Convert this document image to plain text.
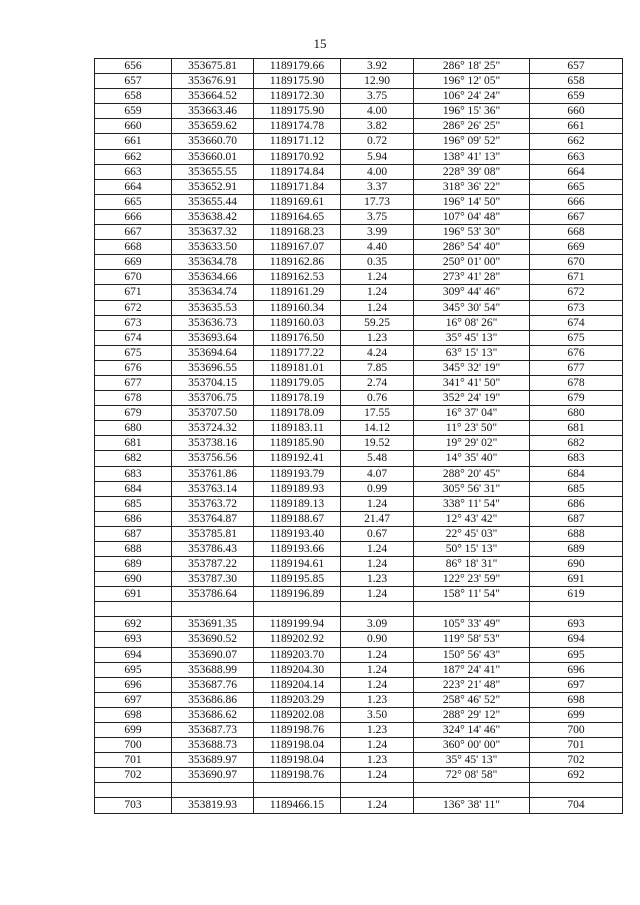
15
656	353675.81	1189179.66	3.92	286° 18' 25"	657
657	353676.91	1189175.90	12.90	196° 12' 05"	658
658	353664.52	1189172.30	3.75	106° 24' 24"	659
659	353663.46	1189175.90	4.00	196° 15' 36"	660
660	353659.62	1189174.78	3.82	286° 26' 25"	661
661	353660.70	1189171.12	0.72	196° 09' 52"	662
662	353660.01	1189170.92	5.94	138° 41' 13"	663
663	353655.55	1189174.84	4.00	228° 39' 08"	664
664	353652.91	1189171.84	3.37	318° 36' 22"	665
665	353655.44	1189169.61	17.73	196° 14' 50"	666
666	353638.42	1189164.65	3.75	107° 04' 48"	667
667	353637.32	1189168.23	3.99	196° 53' 30"	668
668	353633.50	1189167.07	4.40	286° 54' 40"	669
669	353634.78	1189162.86	0.35	250° 01' 00"	670
670	353634.66	1189162.53	1.24	273° 41' 28"	671
671	353634.74	1189161.29	1.24	309° 44' 46"	672
672	353635.53	1189160.34	1.24	345° 30' 54"	673
673	353636.73	1189160.03	59.25	16° 08' 26"	674
674	353693.64	1189176.50	1.23	35° 45' 13"	675
675	353694.64	1189177.22	4.24	63° 15' 13"	676
676	353696.55	1189181.01	7.85	345° 32' 19"	677
677	353704.15	1189179.05	2.74	341° 41' 50"	678
678	353706.75	1189178.19	0.76	352° 24' 19"	679
679	353707.50	1189178.09	17.55	16° 37' 04"	680
680	353724.32	1189183.11	14.12	11° 23' 50"	681
681	353738.16	1189185.90	19.52	19° 29' 02"	682
682	353756.56	1189192.41	5.48	14° 35' 40"	683
683	353761.86	1189193.79	4.07	288° 20' 45"	684
684	353763.14	1189189.93	0.99	305° 56' 31"	685
685	353763.72	1189189.13	1.24	338° 11' 54"	686
686	353764.87	1189188.67	21.47	12° 43' 42"	687
687	353785.81	1189193.40	0.67	22° 45' 03"	688
688	353786.43	1189193.66	1.24	50° 15' 13"	689
689	353787.22	1189194.61	1.24	86° 18' 31"	690
690	353787.30	1189195.85	1.23	122° 23' 59"	691
691	353786.64	1189196.89	1.24	158° 11' 54"	619

692	353691.35	1189199.94	3.09	105° 33' 49"	693
693	353690.52	1189202.92	0.90	119° 58' 53"	694
694	353690.07	1189203.70	1.24	150° 56' 43"	695
695	353688.99	1189204.30	1.24	187° 24' 41"	696
696	353687.76	1189204.14	1.24	223° 21' 48"	697
697	353686.86	1189203.29	1.23	258° 46' 52"	698
698	353686.62	1189202.08	3.50	288° 29' 12"	699
699	353687.73	1189198.76	1.23	324° 14' 46"	700
700	353688.73	1189198.04	1.24	360° 00' 00"	701
701	353689.97	1189198.04	1.23	35° 45' 13"	702
702	353690.97	1189198.76	1.24	72° 08' 58"	692

703	353819.93	1189466.15	1.24	136° 38' 11"	704
